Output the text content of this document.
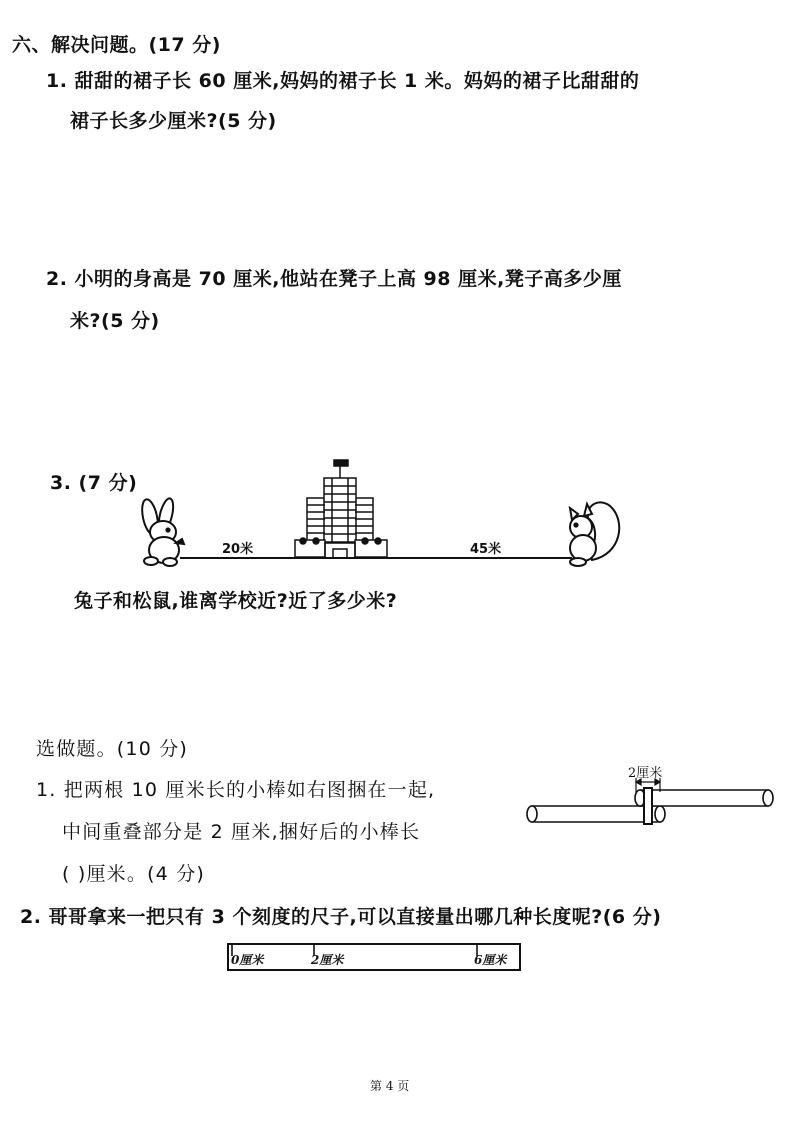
六、解决问题。(17 分)
1. 甜甜的裙子长 60 厘米,妈妈的裙子长 1 米。妈妈的裙子比甜甜的
裙子长多少厘米?(5 分)
2. 小明的身高是 70 厘米,他站在凳子上高 98 厘米,凳子高多少厘
米?(5 分)
3. (7 分)
20米	45米
兔子和松鼠,谁离学校近?近了多少米?
选做题。(10 分)
1. 把两根 10 厘米长的小棒如右图捆在一起,
中间重叠部分是 2 厘米,捆好后的小棒长
( )厘米。(4 分)
2厘米
2. 哥哥拿来一把只有 3 个刻度的尺子,可以直接量出哪几种长度呢?(6 分)
0厘米	2厘米	6厘米
第 4 页
